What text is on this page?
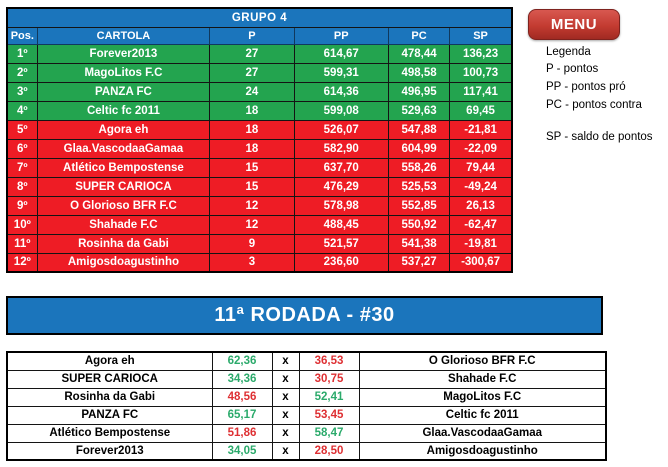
GRUPO 4					
Pos.	CARTOLA	P	PP	PC	SP
1º	Forever2013	27	614,67	478,44	136,23
2º	MagoLitos F.C	27	599,31	498,58	100,73
3º	PANZA FC	24	614,36	496,95	117,41
4º	Celtic fc 2011	18	599,08	529,63	69,45
5º	Agora eh	18	526,07	547,88	-21,81
6º	Glaa.VascodaaGamaa	18	582,90	604,99	-22,09
7º	Atlético Bempostense	15	637,70	558,26	79,44
8º	SUPER CARIOCA	15	476,29	525,53	-49,24
9º	O Glorioso BFR F.C	12	578,98	552,85	26,13
10º	Shahade F.C	12	488,45	550,92	-62,47
11º	Rosinha da Gabi	9	521,57	541,38	-19,81
12º	Amigosdoagustinho	3	236,60	537,27	-300,67
MENU
Legenda
P - pontos
PP - pontos pró
PC - pontos contra
SP - saldo de pontos
11ª RODADA - #30
Agora eh	62,36	x	36,53	O Glorioso BFR F.C
SUPER CARIOCA	34,36	x	30,75	Shahade F.C
Rosinha da Gabi	48,56	x	52,41	MagoLitos F.C
PANZA FC	65,17	x	53,45	Celtic fc 2011
Atlético Bempostense	51,86	x	58,47	Glaa.VascodaaGamaa
Forever2013	34,05	x	28,50	Amigosdoagustinho
